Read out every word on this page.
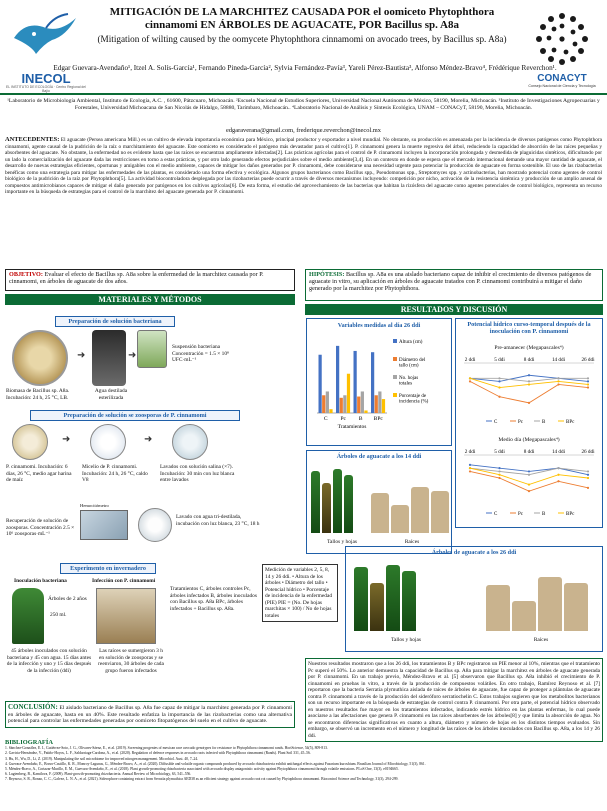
INECOL
EL INSTITUTO DE ECOLOGÍA · Centro Regional del Bajío
MITIGACIÓN DE LA MARCHITEZ CAUSADA POR el oomiceto Phytophthora
cinnamomi EN ÁRBOLES DE AGUACATE, POR Bacillus sp. A8a
(Mitigation of wilting caused by the oomycete Phytophthora cinnamomi on avocado trees, by Bacillus sp. A8a)
CONACYT
Consejo Nacional de Ciencia y Tecnología
Edgar Guevara-Avendaño¹, Itzel A. Solís-García¹, Fernando Pineda-García², Sylvia Fernández-Pavía³, Yareli Pérez-Bautista³, Alfonso Méndez-Bravo⁴, Frédérique Reverchon¹.
¹Laboratorio de Microbiología Ambiental, Instituto de Ecología, A.C. , 61600, Pátzcuaro, Michoacán. ²Escuela Nacional de Estudios Superiores, Universidad Nacional Autónoma de México, 58190, Morelia, Michoacán. ³Instituto de Investigaciones Agropecuarias y Forestales, Universidad Michoacana de San Nicolás de Hidalgo, 58880, Tarímbaro, Michoacán.. ⁴Laboratorio Nacional de Análisis y Síntesis Ecológica, UNAM – CONACyT, 58190, Morelia, Michoacán.
edgaraverana@gmail.com, frederique.reverchon@inecol.mx
ANTECEDENTES: El aguacate (Persea americana Mill.) es un cultivo de elevada importancia económica para México, principal productor y exportador a nivel mundial. No obstante, su producción es amenazada por la incidencia de diversos patógenos como Phytophthora cinnamomi, agente causal de la pudrición de la raíz o marchitamiento del aguacate. Este oomiceto es considerado el patógeno más devastador para el cultivo[1]. P. cinnamomi genera la muerte regresiva del árbol, reduciendo la capacidad de absorción de las raíces pequeñas y absorbentes del aguacate. No obstante, la enfermedad no es evidente hasta que las raíces se encuentran ampliamente infectadas[2]. Las prácticas agrícolas para el control de P. cinnamomi incluyen la incorporación prolongada y desmedida de plaguicidas sintéticos, dificultando por un lado la comercialización del aguacate dada las restricciones en torno a estas prácticas, y por otro lado generando efectos perjudiciales sobre el medio ambiente[3,4]. En un contexto en donde se espera que el mercado internacional demande una mayor cantidad de aguacate, el desarrollo de nuevas estrategias eficientes, oportunas y amigables con el medio ambiente, capaces de mitigar los daños generados por P. cinnamomi, debe considerarse una necesidad urgente para potenciar la producción de aguacate en forma sostenible. El uso de las rizobacterias benéficas como una estrategia para mitigar las enfermedades de las plantas, es considerado una forma efectiva y ecológica. Algunos grupos bacterianos como Bacillus spp., Pseudomonas spp., Streptomyces spp. y actinobacterias, han mostrado potencial como agentes de control biológico de la pudrición de la raíz por Phytophthora[5]. La actividad biocontroladora desplegada por las rizobacterias puede ocurrir a través de diversos mecanismos incluyendo: competición por nicho, activación de la resistencia sistémica y producción de un amplio arsenal de compuestos antimicrobianos capaces de mitigar el daño generado por patógenos en los cultivos agrícolas[6]. De esta forma, el estudio del aprovechamiento de las bacterias que habitan la rizósfera del aguacate como agentes potenciales de control biológico, representa un recurso importante en la búsqueda de estrategias para el control de la marchitez del aguacate generada por P. cinnamomi.
OBJETIVO: Evaluar el efecto de Bacillus sp. A8a sobre la enfermedad de la marchitez causada por P. cinnamomi, en árboles de aguacate de dos años.
HIPÓTESIS: Bacillus sp. A8a es una aislado bacteriano capaz de inhibir el crecimiento de diversos patógenos de aguacate in vitro, su aplicación en árboles de aguacate tratados con P. cinnamomi contribuirá a mitigar el daño generado por la marchitez por Phytophthora.
MATERIALES Y MÉTODOS
RESULTADOS Y DISCUSIÓN
Preparación de solución bacteriana
➜	➜
Biomasa de Bacillus sp. A8a. Incubación: 24 h, 25 °C, LB.
Agua destilada esterilizada
Suspensión bacteriana Concentración = 1.5 × 10⁸ UFC·mL⁻¹
Preparación de solución se zoosporas de P. cinnamomi
➜	➜
P. cinnamomi. Incubación: 6 días, 26 °C, medio agar harina de maíz
Micelio de P. cinnamomi. Incubación: 24 h, 26 °C, caldo V8
Lavados con solución salina (×7). Incubación: 30 min con luz blanca entre lavados
Hemocitómetro
Recuperación de solución de zoosporas. Concentración 2.5 × 10⁶ zoosporas·mL⁻¹
Lavado con agua tri-destilada, incubación con luz blanca, 23 °C, 18 h
Experimento en invernadero
Inoculación bacteriana	Infección con P. cinnamomi
Árboles de 2 años
250 ml.
45 árboles inoculados con solución bacteriana y 45 con agua. 15 días antes de la infección y uno y 15 días después de la infección (ddi)
Las raíces se sumergieron 3 h en solución de zoosporas y se reenviaron, 30 árboles de cada grupo fueron infectados
Tratamientos C, árboles controles Pc, árboles infectados B, árboles inoculados con Bacillus sp. A8a BPc, árboles infectados + Bacillus sp. A8a.
Medición de variables 2, 5, 8, 14 y 26 ddi. • Altura de los árboles • Diámetro del tallo • Potencial hídrico • Porcentaje de incidencia de la enfermedad (PIE) PIE = (No. De hojas marchitas × 100) / No de hojas totales
Variables medidas al día 26 ddi
C Pc B BPc
Tratamientos
Altura (cm)
Diámetro del
tallo (cm)
No. hojas
totales
Porcentaje de
incidencia (%)
Potencial hídrico curso-temporal después de la inoculación con P. cinnamomi
Pre-amanecer (Megapascales⁴)
2 ddi	5 ddi	8 ddi	14 ddi	26 ddi
C	Pc	B	BPc
Medio día (Megapascales⁴)
2 ddi	5 ddi	8 ddi	14 ddi	26 ddi
C	Pc	B	BPc
Árboles de aguacate a los 14 ddi
Tallos y hojas	Raíces
Árboles de aguacate a los 26 ddi
Tallos y hojas	Raíces
Nuestros resultados mostraron que a los 26 ddi, los tratamientos B y BPc registraron un PIE menor al 10%, mientras que el tratamiento Pc superó el 50%. Lo anterior demuestra la capacidad de Bacillus sp. A8a para mitigar la marchitez en árboles de aguacate generada por P. cinnamomi. En un trabajo previo, Méndez-Bravo et al. [5] observaron que Bacillus sp. A8a inhibió el crecimiento de P. cinnamomi en pruebas in vitro, a través de la producción de compuestos volátiles. En otro trabajo, Ramírez Reynoso et al. [7] reportaron que la bacteria Serratia plymuthica aislada de raíces de árboles de aguacate, fue capaz de proteger a plántulas de aguacate contra P. cinnamomi a través de la producción del sideróforo serratiochelin C. Estos trabajos sugieren que los metabolitos bacterianos son un recurso importante en la búsqueda de estrategias de control contra P. cinnamomi. Por otra parte, el potencial hídrico observado en nuestros resultados fue mayor en los tratamientos infectados, indicando estrés hídrico en las plantas enfermas, lo cual puede asociarse a las afectaciones que genera P. cinnamomi en las raíces absorbentes de los árboles[8] y que limita la absorción de agua. No se encontraron diferencias significativas en cuanto a altura, diámetro y número de hojas en los distintos tiempos evaluados. Sin embargo, se observó un incremento en el número y longitud de las raíces de los árboles inoculados con Bacillus sp. A8a, a los 14 y 26 ddi.
CONCLUSIÓN: El aislado bacteriano de Bacillus sp. A8a fue capaz de mitigar la marchitez generada por P. cinnamomi en árboles de aguacate, hasta en un 40%. Este resultado enfatiza la importancia de las rizobacterias como una alternativa potencial para controlar las enfermedades generadas por oomiceto fitopatógenos del suelo en el cultivo de aguacate.
BIBLIOGRAFÍA
1. Sánchez-González, E. I., Gutiérrez-Soto, J. G., Olivares-Sáenz, E., et al. (2019). Screening progenies of mexican race avocado genotypes for resistance to Phytophthora cinnamomi rands. HortScience, 54(5), 809-813.
2. Gaviria-Hernández, V., Patiño-Hoyos, L. F., Saldarriaga-Cardona, A., et al. (2020). Regulation of defence responses in avocado roots infected with Phytophthora cinnamomi (Rands). Plant Soil 331, 45–56.
3. Hu, H., Wu, D., Li, Z. (2019). Manipulating the soil microbiome for improved nitrogen management. Microbiol. Aust. 40, 7–24.
4. Guevara-Avendaño, E., Bravo-Castillo, K. R., Monroy-Lagunas, G., Méndez-Bravo, A., et al. (2020). Diffusible and volatile organic compounds produced by avocado rhizobacteria exhibit antifungal effects against Fusarium kuroshium. Brazilian Journal of Microbiology, 51(3), 861.
5. Méndez-Bravo, A., Cortazar-Murillo, E. M., Guevara-Avendaño, E., et al. (2018). Plant growth-promoting rhizobacteria associated with avocado display antagonistic activity against Phytophthora cinnamomi through volatile emissions. PLoS One, 13(3), e0194665.
6. Lugtenberg, B., Kamilova, F. (2009). Plant-growth-promoting rhizobacteria. Annual Review of Microbiology, 63, 541–556.
7. Reynoso, S. R., Ronao, C. C., Galvez, L. N. A., et al. (2021). Siderophore containing extract from Serratia plymuthica AED38 as an efficient strategy against avocado root rot caused by Phytophthora cinnamomi. Biocontrol Science and Technology, 31(3), 294-299.
